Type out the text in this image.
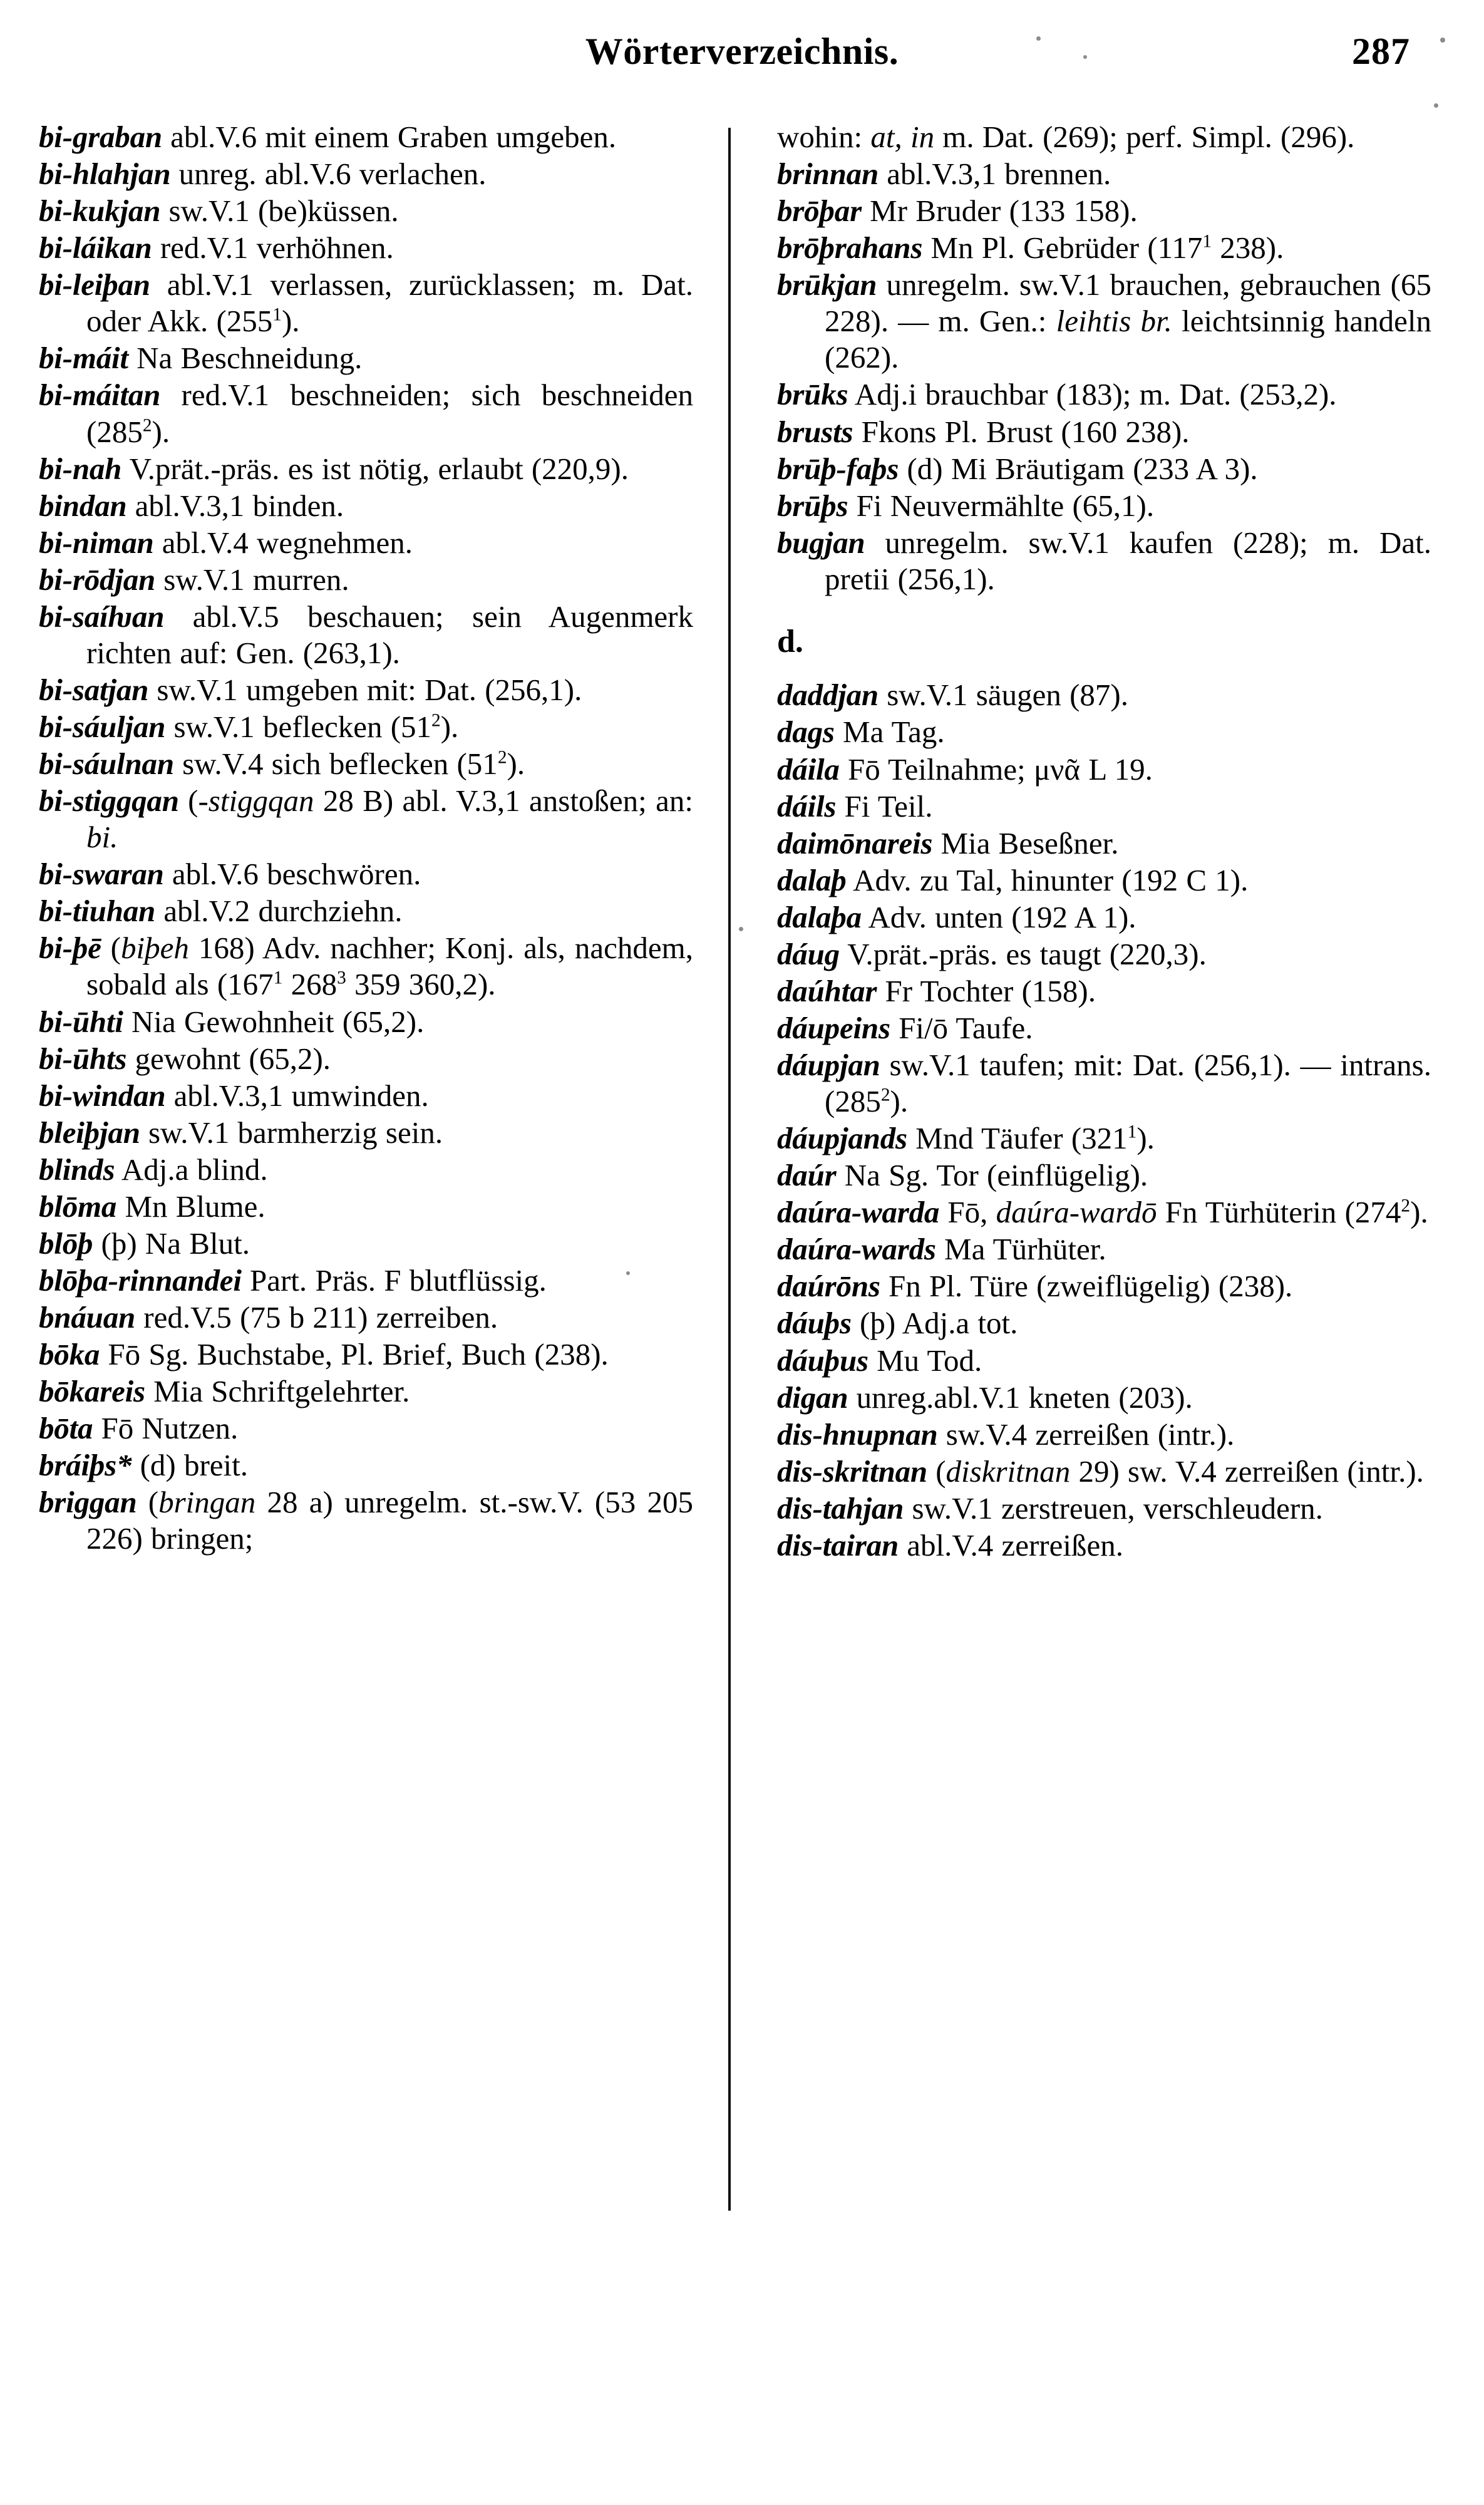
Wörterverzeichnis.	287

bi-graban abl.V.6 mit einem Graben umgeben.

bi-hlahjan unreg. abl.V.6 verlachen.

bi-kukjan sw.V.1 (be)küssen.

bi-láikan red.V.1 verhöhnen.

bi-leiþan abl.V.1 verlassen, zurücklassen; m. Dat. oder Akk. $(255^1)$.

bi-máit Na Beschneidung.

bi-máitan red.V.1 beschneiden; sich beschneiden $(285^2)$.

bi-nah V.prät.-präs. es ist nötig, erlaubt (220,9).

bindan abl.V.3,1 binden.

bi-niman abl.V.4 wegnehmen.

bi-rōdjan sw.V.1 murren.

bi-saíƕan abl.V.5 beschauen; sein Augenmerk richten auf: Gen. (263,1).

bi-satjan sw.V.1 umgeben mit: Dat. (256,1).

bi-sáuljan sw.V.1 beflecken $(51^2)$.

bi-sáulnan sw.V.4 sich beflecken $(51^2)$.

bi-stiggqan (-stiggqan 28 B) abl. V.3,1 anstoßen; an: bi.

bi-swaran abl.V.6 beschwören.

bi-tiuhan abl.V.2 durchziehn.

bi-þē (biþeh 168) Adv. nachher; Konj. als, nachdem, sobald als ($167^1$ $268^3$ 359 360,2).

bi-ūhti Nia Gewohnheit (65,2).

bi-ūhts gewohnt (65,2).

bi-windan abl.V.3,1 umwinden.

bleiþjan sw.V.1 barmherzig sein.

blinds Adj.a blind.

blōma Mn Blume.

blōþ (þ) Na Blut.

blōþa-rinnandei Part. Präs. F blutflüssig.

bnáuan red.V.5 (75 b 211) zerreiben.

bōka Fō Sg. Buchstabe, Pl. Brief, Buch (238).

bōkareis Mia Schriftgelehrter.

bōta Fō Nutzen.

bráiþs* (d) breit.

briggan (bringan 28 a) unregelm. st.-sw.V. (53 205 226) bringen;

wohin: at, in m. Dat. (269); perf. Simpl. (296).

brinnan abl.V.3,1 brennen.

brōþar Mr Bruder (133 158).

brōþrahans Mn Pl. Gebrüder ($117^1$ 238).

brūkjan unregelm. sw.V.1 brauchen, gebrauchen (65 228). — m. Gen.: leihtis br. leichtsinnig handeln (262).

brūks Adj.i brauchbar (183); m. Dat. (253,2).

brusts Fkons Pl. Brust (160 238).

brūþ-faþs (d) Mi Bräutigam (233 A 3).

brūþs Fi Neuvermählte (65,1).

bugjan unregelm. sw.V.1 kaufen (228); m. Dat. pretii (256,1).

d.

daddjan sw.V.1 säugen (87).

dags Ma Tag.

dáila Fō Teilnahme; μνᾶ L 19.

dáils Fi Teil.

daimōnareis Mia Beseßner.

dalaþ Adv. zu Tal, hinunter (192 C 1).

dalaþa Adv. unten (192 A 1).

dáug V.prät.-präs. es taugt (220,3).

daúhtar Fr Tochter (158).

dáupeins Fi/ō Taufe.

dáupjan sw.V.1 taufen; mit: Dat. (256,1). — intrans. $(285^2)$.

dáupjands Mnd Täufer $(321^1)$.

daúr Na Sg. Tor (einflügelig).

daúra-warda Fō, daúra-wardō Fn Türhüterin $(274^2)$.

daúra-wards Ma Türhüter.

daúrōns Fn Pl. Türe (zweiflügelig) (238).

dáuþs (þ) Adj.a tot.

dáuþus Mu Tod.

digan unreg.abl.V.1 kneten (203).

dis-hnupnan sw.V.4 zerreißen (intr.).

dis-skritnan (diskritnan 29) sw. V.4 zerreißen (intr.).

dis-tahjan sw.V.1 zerstreuen, verschleudern.

dis-tairan abl.V.4 zerreißen.
